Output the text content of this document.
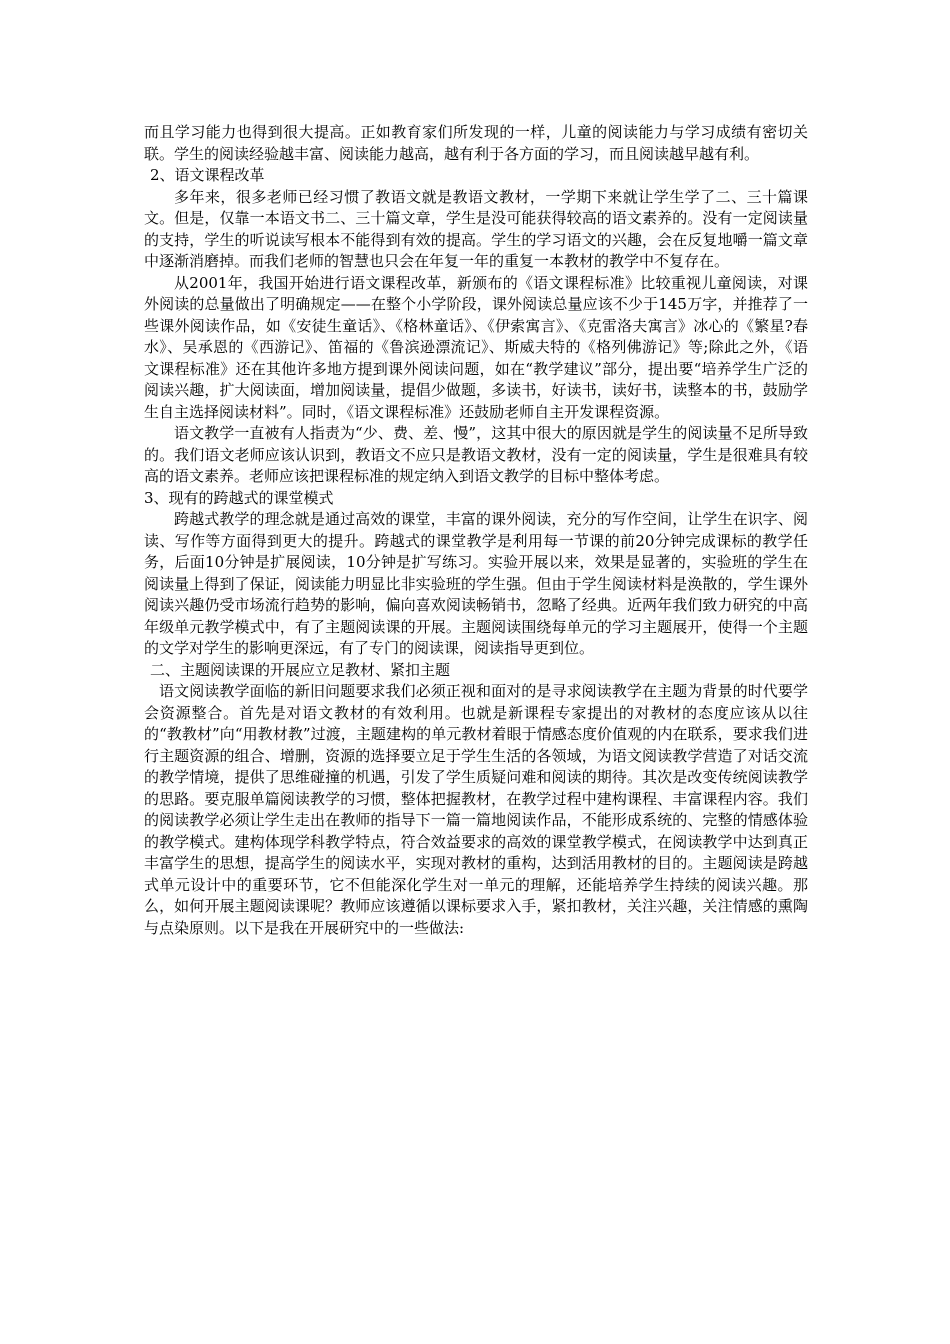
而且学习能力也得到很大提高。正如教育家们所发现的一样，儿童的阅读能力与学习成绩有密切关联。学生的阅读经验越丰富、阅读能力越高，越有利于各方面的学习，而且阅读越早越有利。

2、语文课程改革

多年来，很多老师已经习惯了教语文就是教语文教材，一学期下来就让学生学了二、三十篇课文。但是，仅靠一本语文书二、三十篇文章，学生是没可能获得较高的语文素养的。没有一定阅读量的支持，学生的听说读写根本不能得到有效的提高。学生的学习语文的兴趣，会在反复地嚼一篇文章中逐渐消磨掉。而我们老师的智慧也只会在年复一年的重复一本教材的教学中不复存在。

从2001年，我国开始进行语文课程改革，新颁布的《语文课程标准》比较重视儿童阅读，对课外阅读的总量做出了明确规定——在整个小学阶段，课外阅读总量应该不少于145万字，并推荐了一些课外阅读作品，如《安徒生童话》、《格林童话》、《伊索寓言》、《克雷洛夫寓言》冰心的《繁星?春水》、吴承恩的《西游记》、笛福的《鲁滨逊漂流记》、斯威夫特的《格列佛游记》等;除此之外，《语文课程标准》还在其他许多地方提到课外阅读问题，如在“教学建议”部分，提出要“培养学生广泛的阅读兴趣，扩大阅读面，增加阅读量，提倡少做题，多读书，好读书，读好书，读整本的书，鼓励学生自主选择阅读材料”。同时，《语文课程标准》还鼓励老师自主开发课程资源。

语文教学一直被有人指责为“少、费、差、慢”，这其中很大的原因就是学生的阅读量不足所导致的。我们语文老师应该认识到，教语文不应只是教语文教材，没有一定的阅读量，学生是很难具有较高的语文素养。老师应该把课程标准的规定纳入到语文教学的目标中整体考虑。

3、现有的跨越式的课堂模式

跨越式教学的理念就是通过高效的课堂，丰富的课外阅读，充分的写作空间，让学生在识字、阅读、写作等方面得到更大的提升。跨越式的课堂教学是利用每一节课的前20分钟完成课标的教学任务，后面10分钟是扩展阅读，10分钟是扩写练习。实验开展以来，效果是显著的，实验班的学生在阅读量上得到了保证，阅读能力明显比非实验班的学生强。但由于学生阅读材料是涣散的，学生课外阅读兴趣仍受市场流行趋势的影响，偏向喜欢阅读畅销书，忽略了经典。近两年我们致力研究的中高年级单元教学模式中，有了主题阅读课的开展。主题阅读围绕每单元的学习主题展开，使得一个主题的文学对学生的影响更深远，有了专门的阅读课，阅读指导更到位。

二、主题阅读课的开展应立足教材、紧扣主题

语文阅读教学面临的新旧问题要求我们必须正视和面对的是寻求阅读教学在主题为背景的时代要学会资源整合。首先是对语文教材的有效利用。也就是新课程专家提出的对教材的态度应该从以往的“教教材”向“用教材教”过渡，主题建构的单元教材着眼于情感态度价值观的内在联系，要求我们进行主题资源的组合、增删，资源的选择要立足于学生生活的各领域，为语文阅读教学营造了对话交流的教学情境，提供了思维碰撞的机遇，引发了学生质疑问难和阅读的期待。其次是改变传统阅读教学的思路。要克服单篇阅读教学的习惯，整体把握教材，在教学过程中建构课程、丰富课程内容。我们的阅读教学必须让学生走出在教师的指导下一篇一篇地阅读作品，不能形成系统的、完整的情感体验的教学模式。建构体现学科教学特点，符合效益要求的高效的课堂教学模式，在阅读教学中达到真正丰富学生的思想，提高学生的阅读水平，实现对教材的重构，达到活用教材的目的。主题阅读是跨越式单元设计中的重要环节，它不但能深化学生对一单元的理解，还能培养学生持续的阅读兴趣。那么，如何开展主题阅读课呢？教师应该遵循以课标要求入手，紧扣教材，关注兴趣，关注情感的熏陶与点染原则。以下是我在开展研究中的一些做法:
